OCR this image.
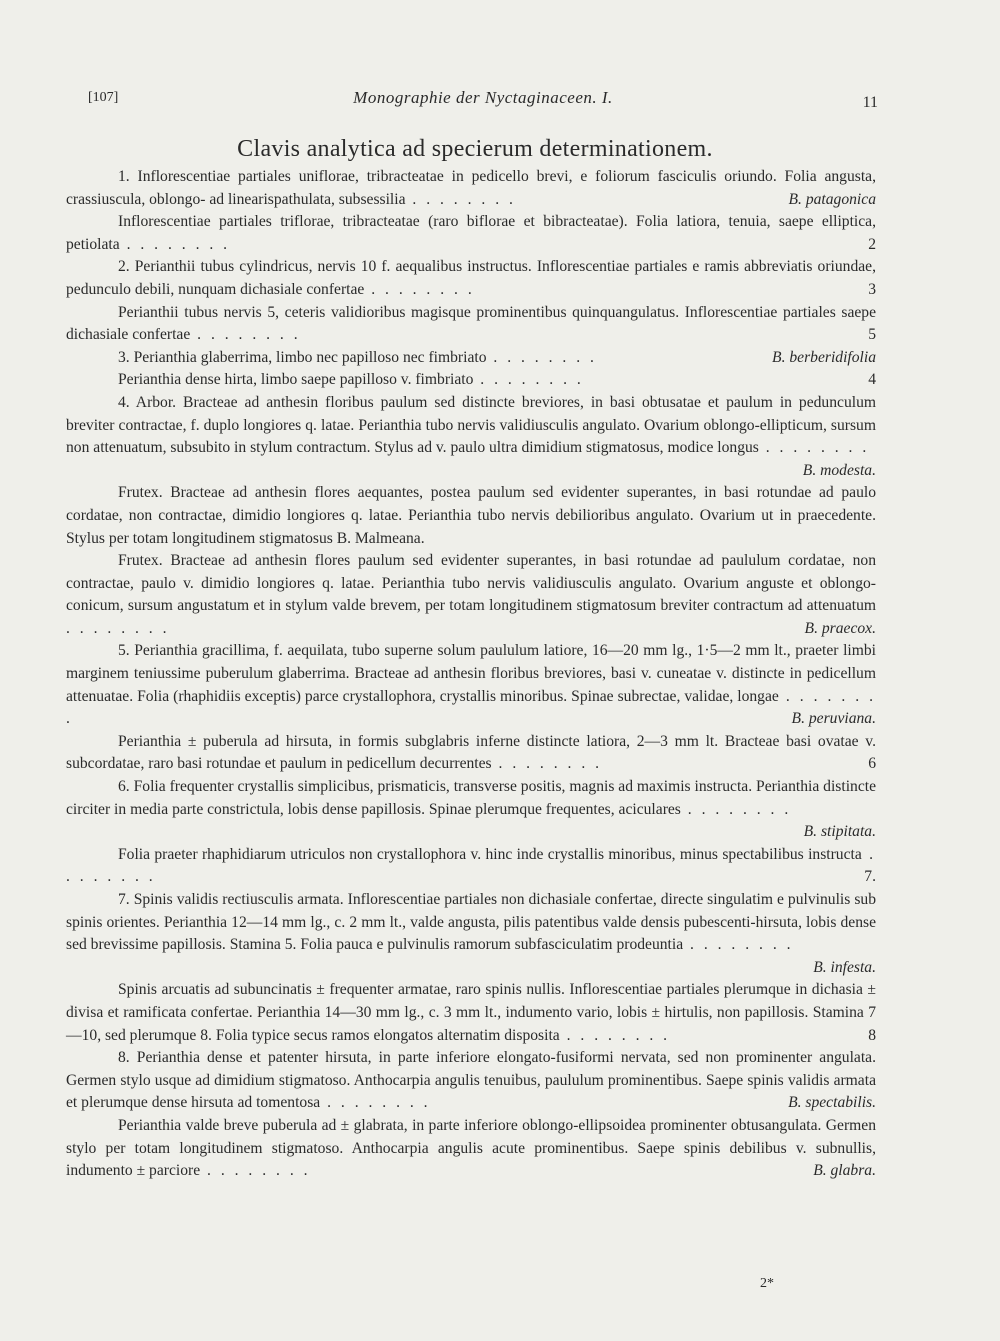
[107]	Monographie der Nyctaginaceen. I.	11
Clavis analytica ad specierum determinationem.

1. Inflorescentiae partiales uniflorae, tribracteatae in pedicello brevi, e foliorum fasciculis oriundo. Folia angusta, crassiuscula, oblongo- ad linearispathulata, subsessilia . . . . . . . .	B. patagonica

Inflorescentiae partiales triflorae, tribracteatae (raro biflorae et bibracteatae). Folia latiora, tenuia, saepe elliptica, petiolata . . . . . . . .	2

2. Perianthii tubus cylindricus, nervis 10 f. aequalibus instructus. Inflorescentiae partiales e ramis abbreviatis oriundae, pedunculo debili, nunquam dichasiale confertae . . . . . . . .	3

Perianthii tubus nervis 5, ceteris validioribus magisque prominentibus quinquangulatus. Inflorescentiae partiales saepe dichasiale confertae . . . . . . . .	5

3. Perianthia glaberrima, limbo nec papilloso nec fimbriato . . . . . . . .	B. berberidifolia

Perianthia dense hirta, limbo saepe papilloso v. fimbriato . . . . . . . .	4

4. Arbor. Bracteae ad anthesin floribus paulum sed distincte breviores, in basi obtusatae et paulum in pedunculum breviter contractae, f. duplo longiores q. latae. Perianthia tubo nervis validiusculis angulato. Ovarium oblongo-ellipticum, sursum non attenuatum, subsubito in stylum contractum. Stylus ad v. paulo ultra dimidium stigmatosus, modice longus . . . . . . . .
B. modesta.

Frutex. Bracteae ad anthesin flores aequantes, postea paulum sed evidenter superantes, in basi rotundae ad paulo cordatae, non contractae, dimidio longiores q. latae. Perianthia tubo nervis debilioribus angulato. Ovarium ut in praecedente. Stylus per totam longitudinem stigmatosus B. Malmeana.

Frutex. Bracteae ad anthesin flores paulum sed evidenter superantes, in basi rotundae ad paululum cordatae, non contractae, paulo v. dimidio longiores q. latae. Perianthia tubo nervis validiusculis angulato. Ovarium anguste et oblongo-conicum, sursum angustatum et in stylum valde brevem, per totam longitudinem stigmatosum breviter contractum ad attenuatum . . . . . . . .	B. praecox.

5. Perianthia gracillima, f. aequilata, tubo superne solum paululum latiore, 16—20 mm lg., 1·5—2 mm lt., praeter limbi marginem teniussime puberulum glaberrima. Bracteae ad anthesin floribus breviores, basi v. cuneatae v. distincte in pedicellum attenuatae. Folia (rhaphidiis exceptis) parce crystallophora, crystallis minoribus. Spinae subrectae, validae, longae . . . . . . . .	B. peruviana.

Perianthia ± puberula ad hirsuta, in formis subglabris inferne distincte latiora, 2—3 mm lt. Bracteae basi ovatae v. subcordatae, raro basi rotundae et paulum in pedicellum decurrentes . . . . . . . .	6

6. Folia frequenter crystallis simplicibus, prismaticis, transverse positis, magnis ad maximis instructa. Perianthia distincte circiter in media parte constrictula, lobis dense papillosis. Spinae plerumque frequentes, aciculares . . . . . . . .
B. stipitata.

Folia praeter rhaphidiarum utriculos non crystallophora v. hinc inde crystallis minoribus, minus spectabilibus instructa . . . . . . . .	7.

7. Spinis validis rectiusculis armata. Inflorescentiae partiales non dichasiale confertae, directe singulatim e pulvinulis sub spinis orientes. Perianthia 12—14 mm lg., c. 2 mm lt., valde angusta, pilis patentibus valde densis pubescenti-hirsuta, lobis dense sed brevissime papillosis. Stamina 5. Folia pauca e pulvinulis ramorum subfasciculatim prodeuntia . . . . . . . .
B. infesta.

Spinis arcuatis ad subuncinatis ± frequenter armatae, raro spinis nullis. Inflorescentiae partiales plerumque in dichasia ± divisa et ramificata confertae. Perianthia 14—30 mm lg., c. 3 mm lt., indumento vario, lobis ± hirtulis, non papillosis. Stamina 7—10, sed plerumque 8. Folia typice secus ramos elongatos alternatim disposita . . . . . . . .	8

8. Perianthia dense et patenter hirsuta, in parte inferiore elongato-fusiformi nervata, sed non prominenter angulata. Germen stylo usque ad dimidium stigmatoso. Anthocarpia angulis tenuibus, paululum prominentibus. Saepe spinis validis armata et plerumque dense hirsuta ad tomentosa . . . . . . . .	B. spectabilis.

Perianthia valde breve puberula ad ± glabrata, in parte inferiore oblongo-ellipsoidea prominenter obtusangulata. Germen stylo per totam longitudinem stigmatoso. Anthocarpia angulis acute prominentibus. Saepe spinis debilibus v. subnullis, indumento ± parciore . . . . . . . .	B. glabra.

2*
